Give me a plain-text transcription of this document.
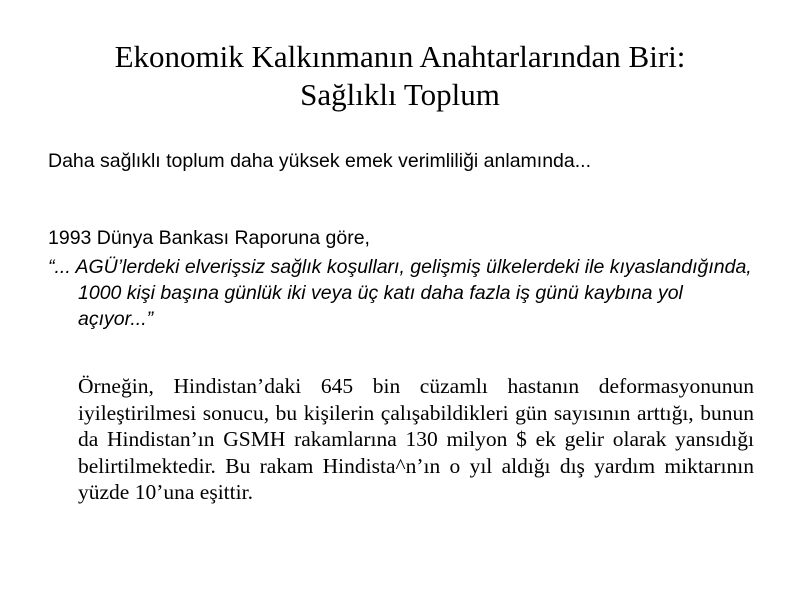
Ekonomik Kalkınmanın Anahtarlarından Biri:
Sağlıklı Toplum

Daha sağlıklı toplum daha yüksek emek verimliliği anlamında...

1993 Dünya Bankası Raporuna göre,

“... AGÜ’lerdeki elverişsiz sağlık koşulları, gelişmiş ülkelerdeki ile kıyaslandığında, 1000 kişi başına günlük iki veya üç katı daha fazla iş günü kaybına yol açıyor...”

Örneğin, Hindistan’daki 645 bin cüzamlı hastanın deformasyonunun iyileştirilmesi sonucu, bu kişilerin çalışabildikleri gün sayısının arttığı, bunun da Hindistan’ın GSMH rakamlarına 130 milyon $ ek gelir olarak yansıdığı belirtilmektedir. Bu rakam Hindista^n’ın o yıl aldığı dış yardım miktarının yüzde 10’una eşittir.
